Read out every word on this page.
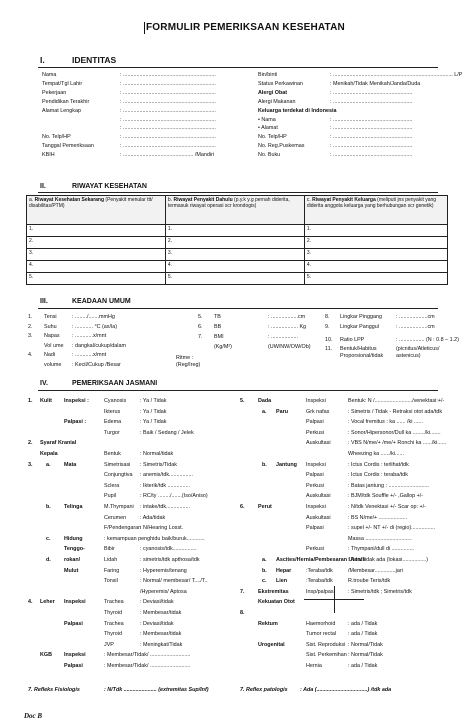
FORMULIR PEMERIKSAAN KESEHATAN
I.	IDENTITAS
Nama	: ..............................................................
Tempat/Tgl Lahir	: ..............................................................
Pekerjaan	: ..............................................................
Pendidikan Terakhir	: ..............................................................
Alamat Lengkap	: ..............................................................
: ..............................................................
: ..............................................................
No. Telp/HP	: ..............................................................
Tanggal Pemeriksaan	: ..............................................................
KBIH	: ............................................... /Mandiri
Bin/binti	: ................................................................................ L/P
Status Perkawinan	: Menikah/Tidak Menikah/Janda/Duda
Alergi Obat	: .....................................................
Alergi Makanan	: .....................................................
Keluarga terdekat di Indonesia
• Nama	: .....................................................
• Alamat	: .....................................................
No. Telp/HP	: .....................................................
No. Reg.Puskemas	: .....................................................
No. Buku	: .....................................................
II.	RIWAYAT KESEHATAN
a. Riwayat Kesehatan Sekarang (Penyakit menular ttt/ disabilitas/PTM)	b. Riwayat Penyakit Dahulu (p.y.k y.g pernah diderita, termasuk riwayat operasi scr krondogis)	c. Riwayat Penyakit Keluarga (meliputi jns penyakit yang diderita anggota keluarga yang berhubungan scr genetik)
1.	1.	1.
2.	2.	2.
3.	3.	3.
4.	4.	4.
5.	5.	5.
III.	KEADAAN UMUM
1. Tensi	: ......../.......mmHg
2. Suhu	: ............ °C (ax/la)
3. Napas : ............x/mnt
Vol ume : dangkal/cukup/dalam
4. Nadi	: ............x/mnt
volume : Kecil/Cukup /Besar
5. TB	: ..................cm
6. BB	: .................. Kg
7. BMI	: ..................
(Kg/M²)	(UW/NW/OW/Ob)
8. Lingkar Pinggang	: ...................cm
9. Lingkar Panggul	: ...................cm
10. Ratio LPP	: ................. (N : 0.8 – 1.2)
11. Bentuk/Habitus	(picnitus/Atleticus/
Proporsional/tidak astenicus)
Ritme :
(Reg/Ireg)
IV.	PEMERIKSAAN JASMANI
1. Kulit Inspeksi :	Cyanosis	: Ya / Tidak
Ikterus	: Ya / Tidak
Palpasi :	Edema	: Ya / Tidak
Turgor	: Baik / Sedang / Jelek
2. Syaraf Kranial
Kepala	Bentuk	: Normal/tidak
3.	a.	Mata	Simetrisasi : Simetris/Tidak
Conjungtiva : anemis/tdk................
Sclera	: Ikterik/tdk ...............
Pupil	: RC/ty ......../.......(Iso/Aniso)
b. Telinga	M.Thympani : intake/tdk................
Cerumen	: Ada/tidak
F/Pendengaran
: N/Hearing Losst.
c.	Hidung	: kemampuan penghidu baik/buruk............
Tenggo-	Bibir	: cyanosis/tdk................
d. rokan/	Lidah	: simetris/tdk apthosa/tdk
Mulut	Faring	: Hyperemis/tenang
Tonsil	: Normal/ membesar/ T..../T..
/Hyperemis/ Aptosa
4. Leher Inspeksi	Trachea	: Deviasi/tidak
Thyroid	: Membesar/tidak
Palpasi	Trachea	: Deviasi/tidak
Thyroid	: Membesar/tidak
JVP	: Meningkat/Tidak
KGB Inspeksi	: Membesar/Tidak/ ...........................
Palpasi	: Membesar/Tidak/ ...........................
5.	Dada	Inspeksi	Bentuk: N /........................./venektasi:+/-
a. Paru	Grk nafas	: Simetris / Tidak - Retraksi otot ada/tdk
Palpasi	: Vocal fremitus : ka ...... /ki ......
Perkusi	: Sonor/Hipersonor/Dull ka ......../ki.......
Auskultasi	: VBS N/me/+ /me/+ Ronchi ka ....../ki......
Wheezing ka ....../ki......
b. Jantung Inspeksi	: Ictus Cordis : terlihat/tdk
Palpasi	: Ictus Cordis : teraba/tdk
Perkusi	: Batas jantung : ...........................
Auskultasi	: BJM/tdk Souffle +/- ,Gallop +/-
6.	Perut	Inspeksi	: N/tdk Venektasi +/- Scar op: +/-
Auskultasi	: BS N/me/+ ...................
Palpasi	: supel +/- NT +/- di (regio)................
Massa ...............................
Perkusi	: Thympani/dull di ...............
a. Ascites/Hernia/Pembesaran Uterus
: Ada/Tidak ada (lokasi................)
b. Hepar	:Teraba/tdk	/Membesar..............jari
c. Lien	:Teraba/tdk	R.troube Teris/tdk
7.	Ekstremitas	Insp/palpasi : Simetris/tdk ; Simetris/tdk
Kekuatan Otot
8.
Rektum	Haemorhoid : ada / Tidak
Tumor rectal : ada / Tidak
Urogenital	Sist. Reproduksi : Normal/Tidak
Sist. Perkemihan : Normal/Tidak
Hernia	: ada / Tidak
7. Refleks Fisiologis	: N/Tdk ...................... (extremitas Sup/Inf)	7. Reflex patologis : Ada (..................................) /tdk ada
Doc B
